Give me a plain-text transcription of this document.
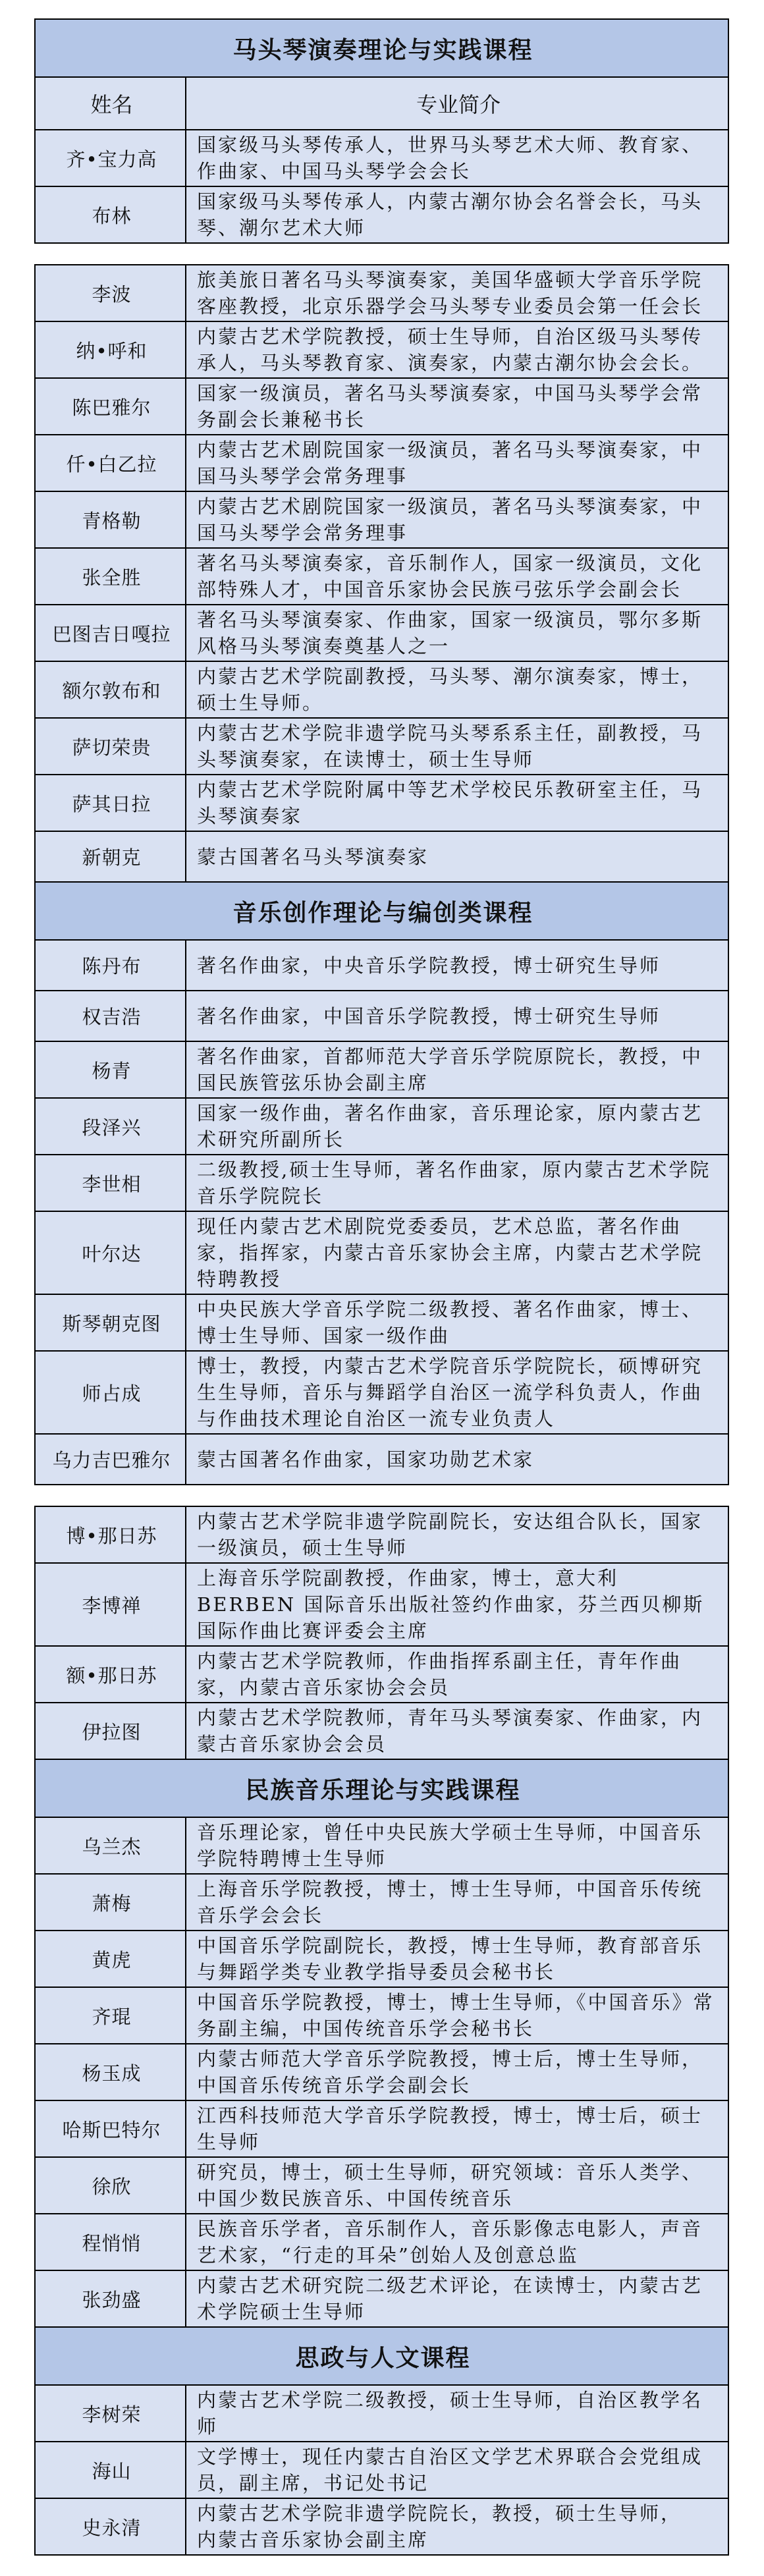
马头琴演奏理论与实践课程	
姓名	专业简介
齐•宝力高	国家级马头琴传承人，世界马头琴艺术大师、教育家、作曲家、中国马头琴学会会长
布林	国家级马头琴传承人，内蒙古潮尔协会名誉会长，马头琴、潮尔艺术大师
李波	旅美旅日著名马头琴演奏家，美国华盛顿大学音乐学院客座教授，北京乐器学会马头琴专业委员会第一任会长
纳•呼和	内蒙古艺术学院教授，硕士生导师，自治区级马头琴传承人，马头琴教育家、演奏家，内蒙古潮尔协会会长。
陈巴雅尔	国家一级演员，著名马头琴演奏家，中国马头琴学会常务副会长兼秘书长
仟•白乙拉	内蒙古艺术剧院国家一级演员，著名马头琴演奏家，中国马头琴学会常务理事
青格勒	内蒙古艺术剧院国家一级演员，著名马头琴演奏家，中国马头琴学会常务理事
张全胜	著名马头琴演奏家，音乐制作人，国家一级演员，文化部特殊人才，中国音乐家协会民族弓弦乐学会副会长
巴图吉日嘎拉	著名马头琴演奏家、作曲家，国家一级演员，鄂尔多斯风格马头琴演奏奠基人之一
额尔敦布和	内蒙古艺术学院副教授，马头琴、潮尔演奏家，博士，硕士生导师。
萨切荣贵	内蒙古艺术学院非遗学院马头琴系系主任，副教授，马头琴演奏家，在读博士，硕士生导师
萨其日拉	内蒙古艺术学院附属中等艺术学校民乐教研室主任，马头琴演奏家
新朝克	蒙古国著名马头琴演奏家
音乐创作理论与编创类课程	
陈丹布	著名作曲家，中央音乐学院教授，博士研究生导师
权吉浩	著名作曲家，中国音乐学院教授，博士研究生导师
杨青	著名作曲家，首都师范大学音乐学院原院长，教授，中国民族管弦乐协会副主席
段泽兴	国家一级作曲，著名作曲家，音乐理论家，原内蒙古艺术研究所副所长
李世相	二级教授,硕士生导师，著名作曲家，原内蒙古艺术学院音乐学院院长
叶尔达	现任内蒙古艺术剧院党委委员，艺术总监，著名作曲家，指挥家，内蒙古音乐家协会主席，内蒙古艺术学院特聘教授
斯琴朝克图	中央民族大学音乐学院二级教授、著名作曲家，博士、博士生导师、国家一级作曲
师占成	博士，教授，内蒙古艺术学院音乐学院院长，硕博研究生生导师，音乐与舞蹈学自治区一流学科负责人，作曲与作曲技术理论自治区一流专业负责人
乌力吉巴雅尔	蒙古国著名作曲家，国家功勋艺术家
博•那日苏	内蒙古艺术学院非遗学院副院长，安达组合队长，国家一级演员，硕士生导师
李博禅	上海音乐学院副教授，作曲家，博士，意大利 BERBEN 国际音乐出版社签约作曲家，芬兰西贝柳斯国际作曲比赛评委会主席
额•那日苏	内蒙古艺术学院教师，作曲指挥系副主任，青年作曲家，内蒙古音乐家协会会员
伊拉图	内蒙古艺术学院教师，青年马头琴演奏家、作曲家，内蒙古音乐家协会会员
民族音乐理论与实践课程	
乌兰杰	音乐理论家，曾任中央民族大学硕士生导师，中国音乐学院特聘博士生导师
萧梅	上海音乐学院教授，博士，博士生导师，中国音乐传统音乐学会会长
黄虎	中国音乐学院副院长，教授，博士生导师，教育部音乐与舞蹈学类专业教学指导委员会秘书长
齐琨	中国音乐学院教授，博士，博士生导师，《中国音乐》常务副主编，中国传统音乐学会秘书长
杨玉成	内蒙古师范大学音乐学院教授，博士后，博士生导师，中国音乐传统音乐学会副会长
哈斯巴特尔	江西科技师范大学音乐学院教授，博士，博士后，硕士生导师
徐欣	研究员，博士，硕士生导师，研究领域：音乐人类学、中国少数民族音乐、中国传统音乐
程悄悄	民族音乐学者，音乐制作人，音乐影像志电影人，声音艺术家，“行走的耳朵”创始人及创意总监
张劲盛	内蒙古艺术研究院二级艺术评论，在读博士，内蒙古艺术学院硕士生导师
思政与人文课程	
李树荣	内蒙古艺术学院二级教授，硕士生导师，自治区教学名师
海山	文学博士，现任内蒙古自治区文学艺术界联合会党组成员，副主席，书记处书记
史永清	内蒙古艺术学院非遗学院院长，教授，硕士生导师，
内蒙古音乐家协会副主席
